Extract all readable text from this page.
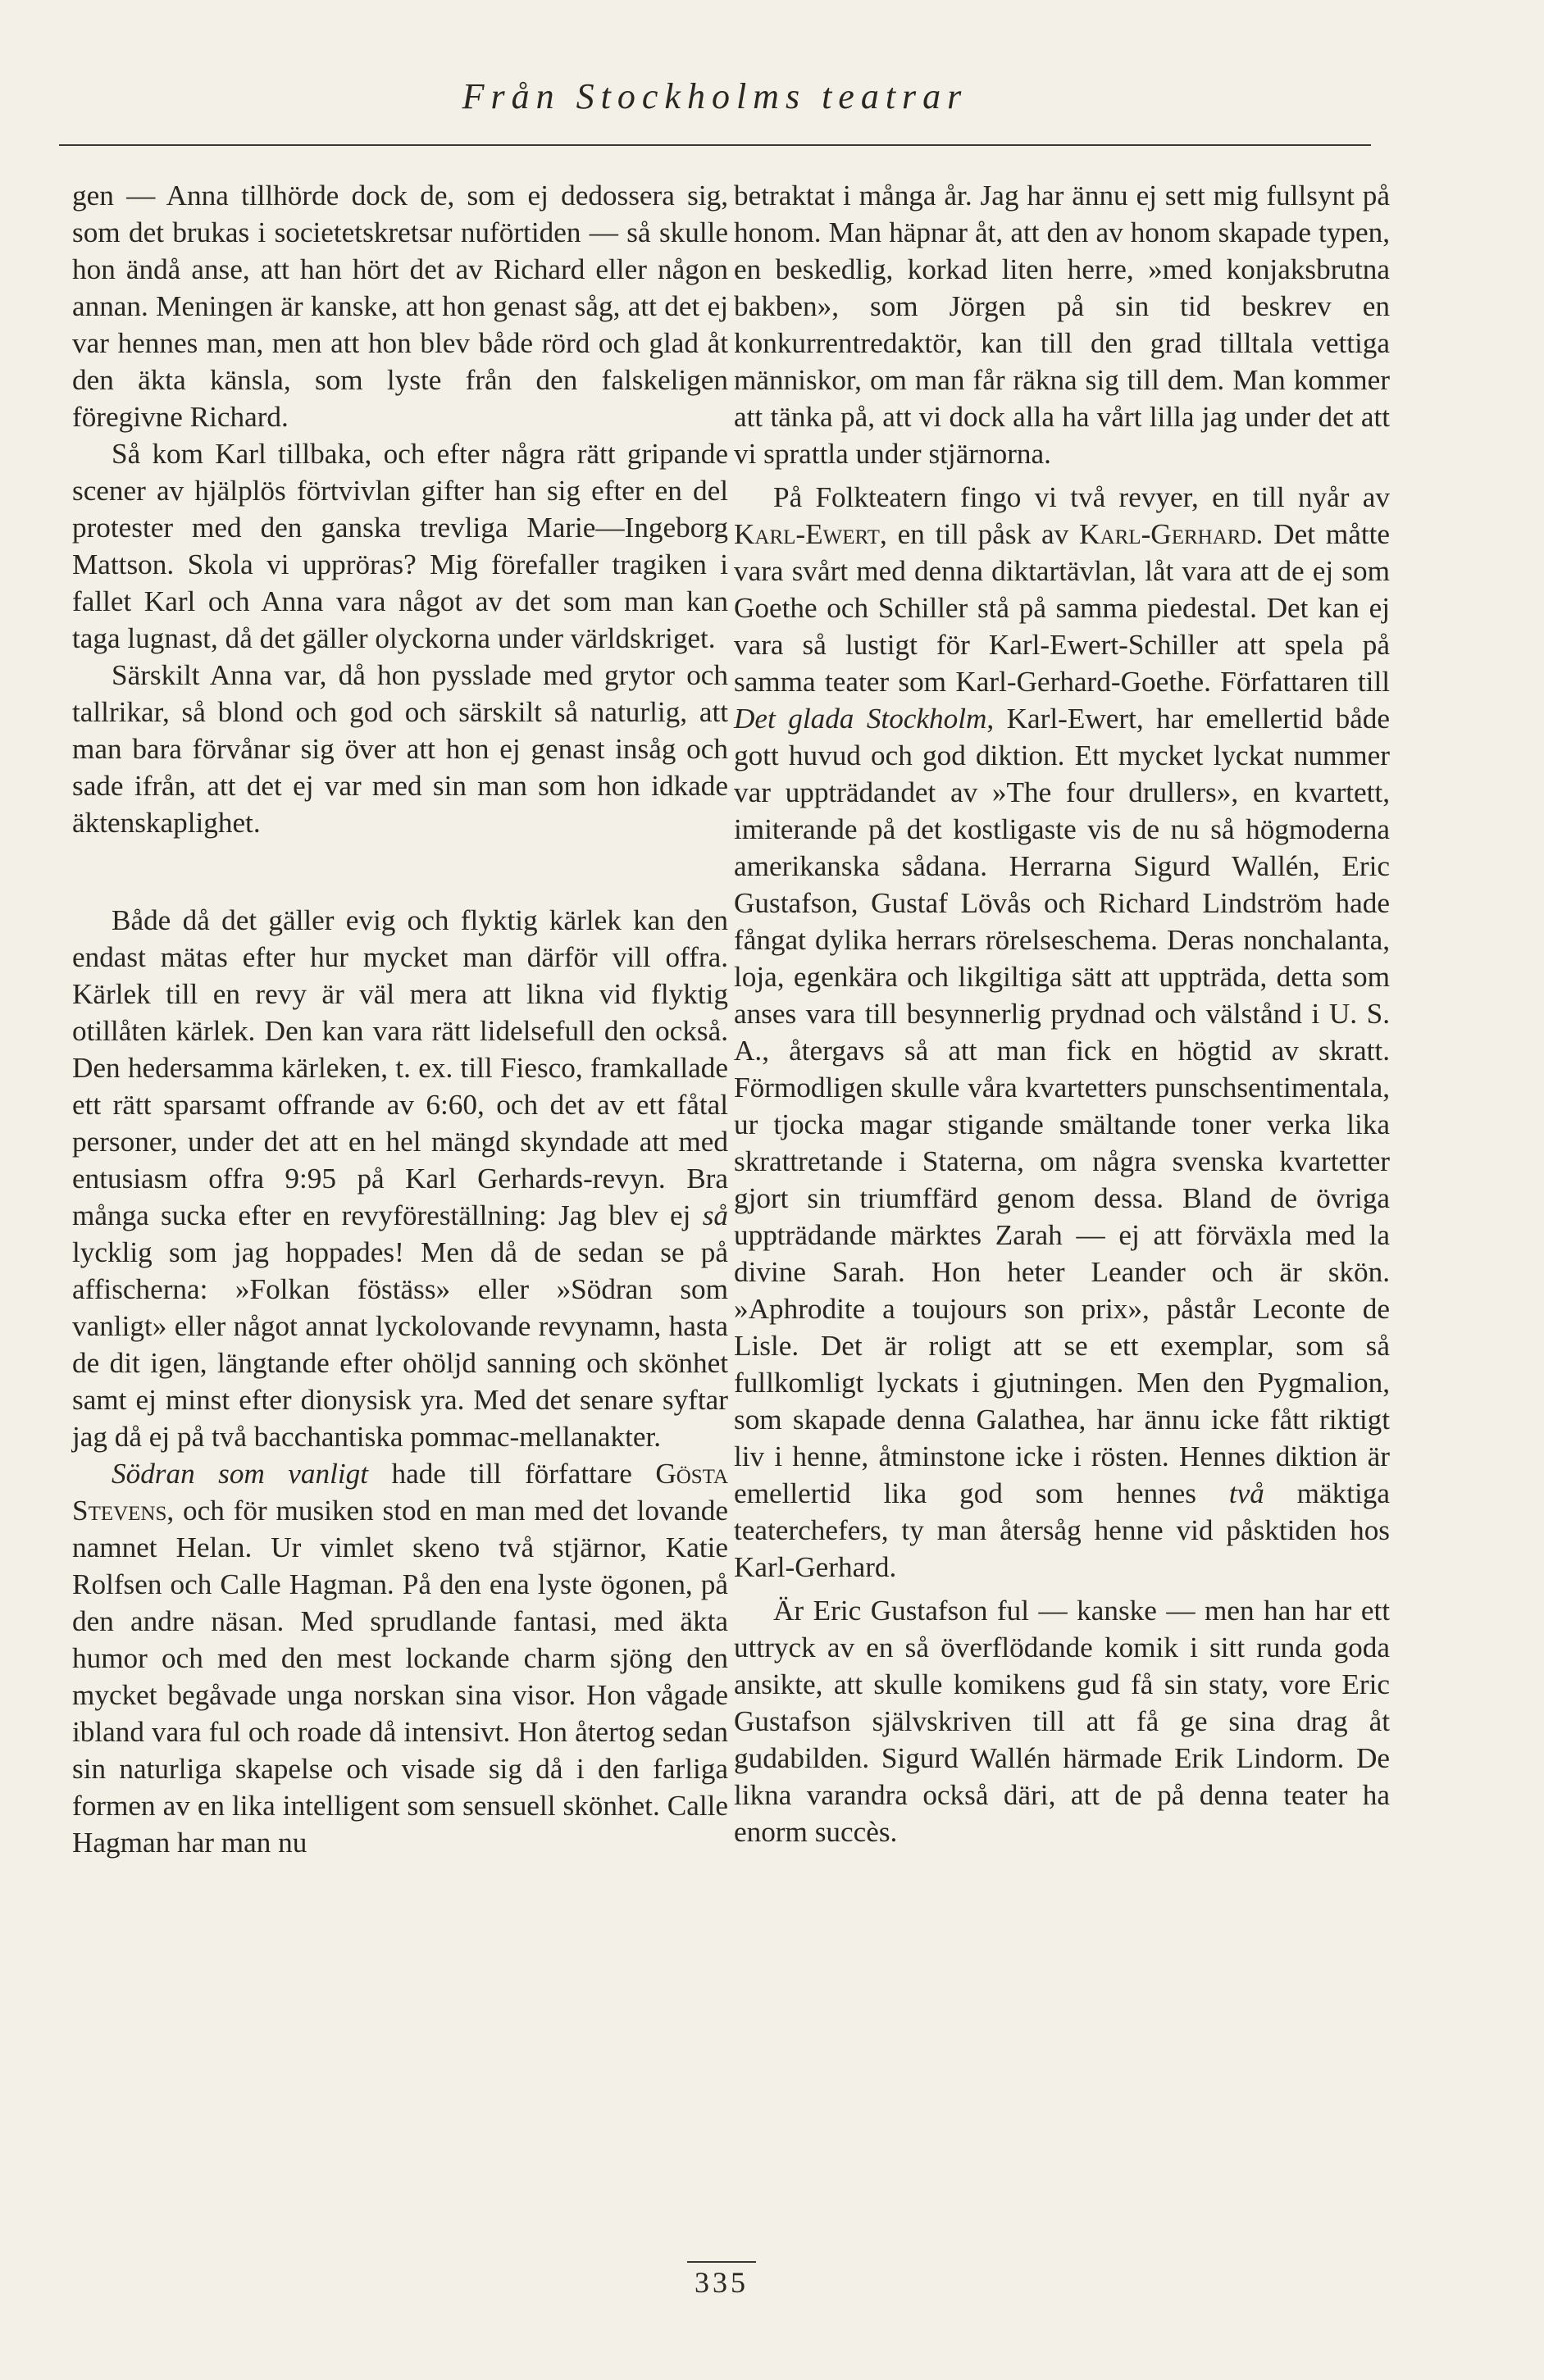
Från Stockholms teatrar

gen — Anna tillhörde dock de, som ej dedossera sig, som det brukas i societetskretsar nuförtiden — så skulle hon ändå anse, att han hört det av Richard eller någon annan. Meningen är kanske, att hon genast såg, att det ej var hennes man, men att hon blev både rörd och glad åt den äkta känsla, som lyste från den falskeligen föregivne Richard.

Så kom Karl tillbaka, och efter några rätt gripande scener av hjälplös förtvivlan gifter han sig efter en del protester med den ganska trevliga Marie—Ingeborg Mattson. Skola vi uppröras? Mig förefaller tragiken i fallet Karl och Anna vara något av det som man kan taga lugnast, då det gäller olyckorna under världskriget.

Särskilt Anna var, då hon pysslade med grytor och tallrikar, så blond och god och särskilt så naturlig, att man bara förvånar sig över att hon ej genast insåg och sade ifrån, att det ej var med sin man som hon idkade äktenskaplighet.

Både då det gäller evig och flyktig kärlek kan den endast mätas efter hur mycket man därför vill offra. Kärlek till en revy är väl mera att likna vid flyktig otillåten kärlek. Den kan vara rätt lidelsefull den också. Den hedersamma kärleken, t. ex. till Fiesco, framkallade ett rätt sparsamt offrande av 6:60, och det av ett fåtal personer, under det att en hel mängd skyndade att med entusiasm offra 9:95 på Karl Gerhards-revyn. Bra många sucka efter en revyföreställning: Jag blev ej så lycklig som jag hoppades! Men då de sedan se på affischerna: »Folkan föstäss» eller »Södran som vanligt» eller något annat lyckolovande revynamn, hasta de dit igen, längtande efter ohöljd sanning och skönhet samt ej minst efter dionysisk yra. Med det senare syftar jag då ej på två bacchantiska pommac-mellanakter.

Södran som vanligt hade till författare Gösta Stevens, och för musiken stod en man med det lovande namnet Helan. Ur vimlet skeno två stjärnor, Katie Rolfsen och Calle Hagman. På den ena lyste ögonen, på den andre näsan. Med sprudlande fantasi, med äkta humor och med den mest lockande charm sjöng den mycket begåvade unga norskan sina visor. Hon vågade ibland vara ful och roade då intensivt. Hon återtog sedan sin naturliga skapelse och visade sig då i den farliga formen av en lika intelligent som sensuell skönhet. Calle Hagman har man nu

betraktat i många år. Jag har ännu ej sett mig fullsynt på honom. Man häpnar åt, att den av honom skapade typen, en beskedlig, korkad liten herre, »med konjaksbrutna bakben», som Jörgen på sin tid beskrev en konkurrentredaktör, kan till den grad tilltala vettiga människor, om man får räkna sig till dem. Man kommer att tänka på, att vi dock alla ha vårt lilla jag under det att vi sprattla under stjärnorna.

På Folkteatern fingo vi två revyer, en till nyår av Karl-Ewert, en till påsk av Karl-Gerhard. Det måtte vara svårt med denna diktartävlan, låt vara att de ej som Goethe och Schiller stå på samma piedestal. Det kan ej vara så lustigt för Karl-Ewert-Schiller att spela på samma teater som Karl-Gerhard-Goethe. Författaren till Det glada Stockholm, Karl-Ewert, har emellertid både gott huvud och god diktion. Ett mycket lyckat nummer var uppträdandet av »The four drullers», en kvartett, imiterande på det kostligaste vis de nu så högmoderna amerikanska sådana. Herrarna Sigurd Wallén, Eric Gustafson, Gustaf Lövås och Richard Lindström hade fångat dylika herrars rörelseschema. Deras nonchalanta, loja, egenkära och likgiltiga sätt att uppträda, detta som anses vara till besynnerlig prydnad och välstånd i U. S. A., återgavs så att man fick en högtid av skratt. Förmodligen skulle våra kvartetters punschsentimentala, ur tjocka magar stigande smältande toner verka lika skrattretande i Staterna, om några svenska kvartetter gjort sin triumffärd genom dessa. Bland de övriga uppträdande märktes Zarah — ej att förväxla med la divine Sarah. Hon heter Leander och är skön. »Aphrodite a toujours son prix», påstår Leconte de Lisle. Det är roligt att se ett exemplar, som så fullkomligt lyckats i gjutningen. Men den Pygmalion, som skapade denna Galathea, har ännu icke fått riktigt liv i henne, åtminstone icke i rösten. Hennes diktion är emellertid lika god som hennes två mäktiga teaterchefers, ty man återsåg henne vid påsktiden hos Karl-Gerhard.

Är Eric Gustafson ful — kanske — men han har ett uttryck av en så överflödande komik i sitt runda goda ansikte, att skulle komikens gud få sin staty, vore Eric Gustafson självskriven till att få ge sina drag åt gudabilden. Sigurd Wallén härmade Erik Lindorm. De likna varandra också däri, att de på denna teater ha enorm succès.

335
